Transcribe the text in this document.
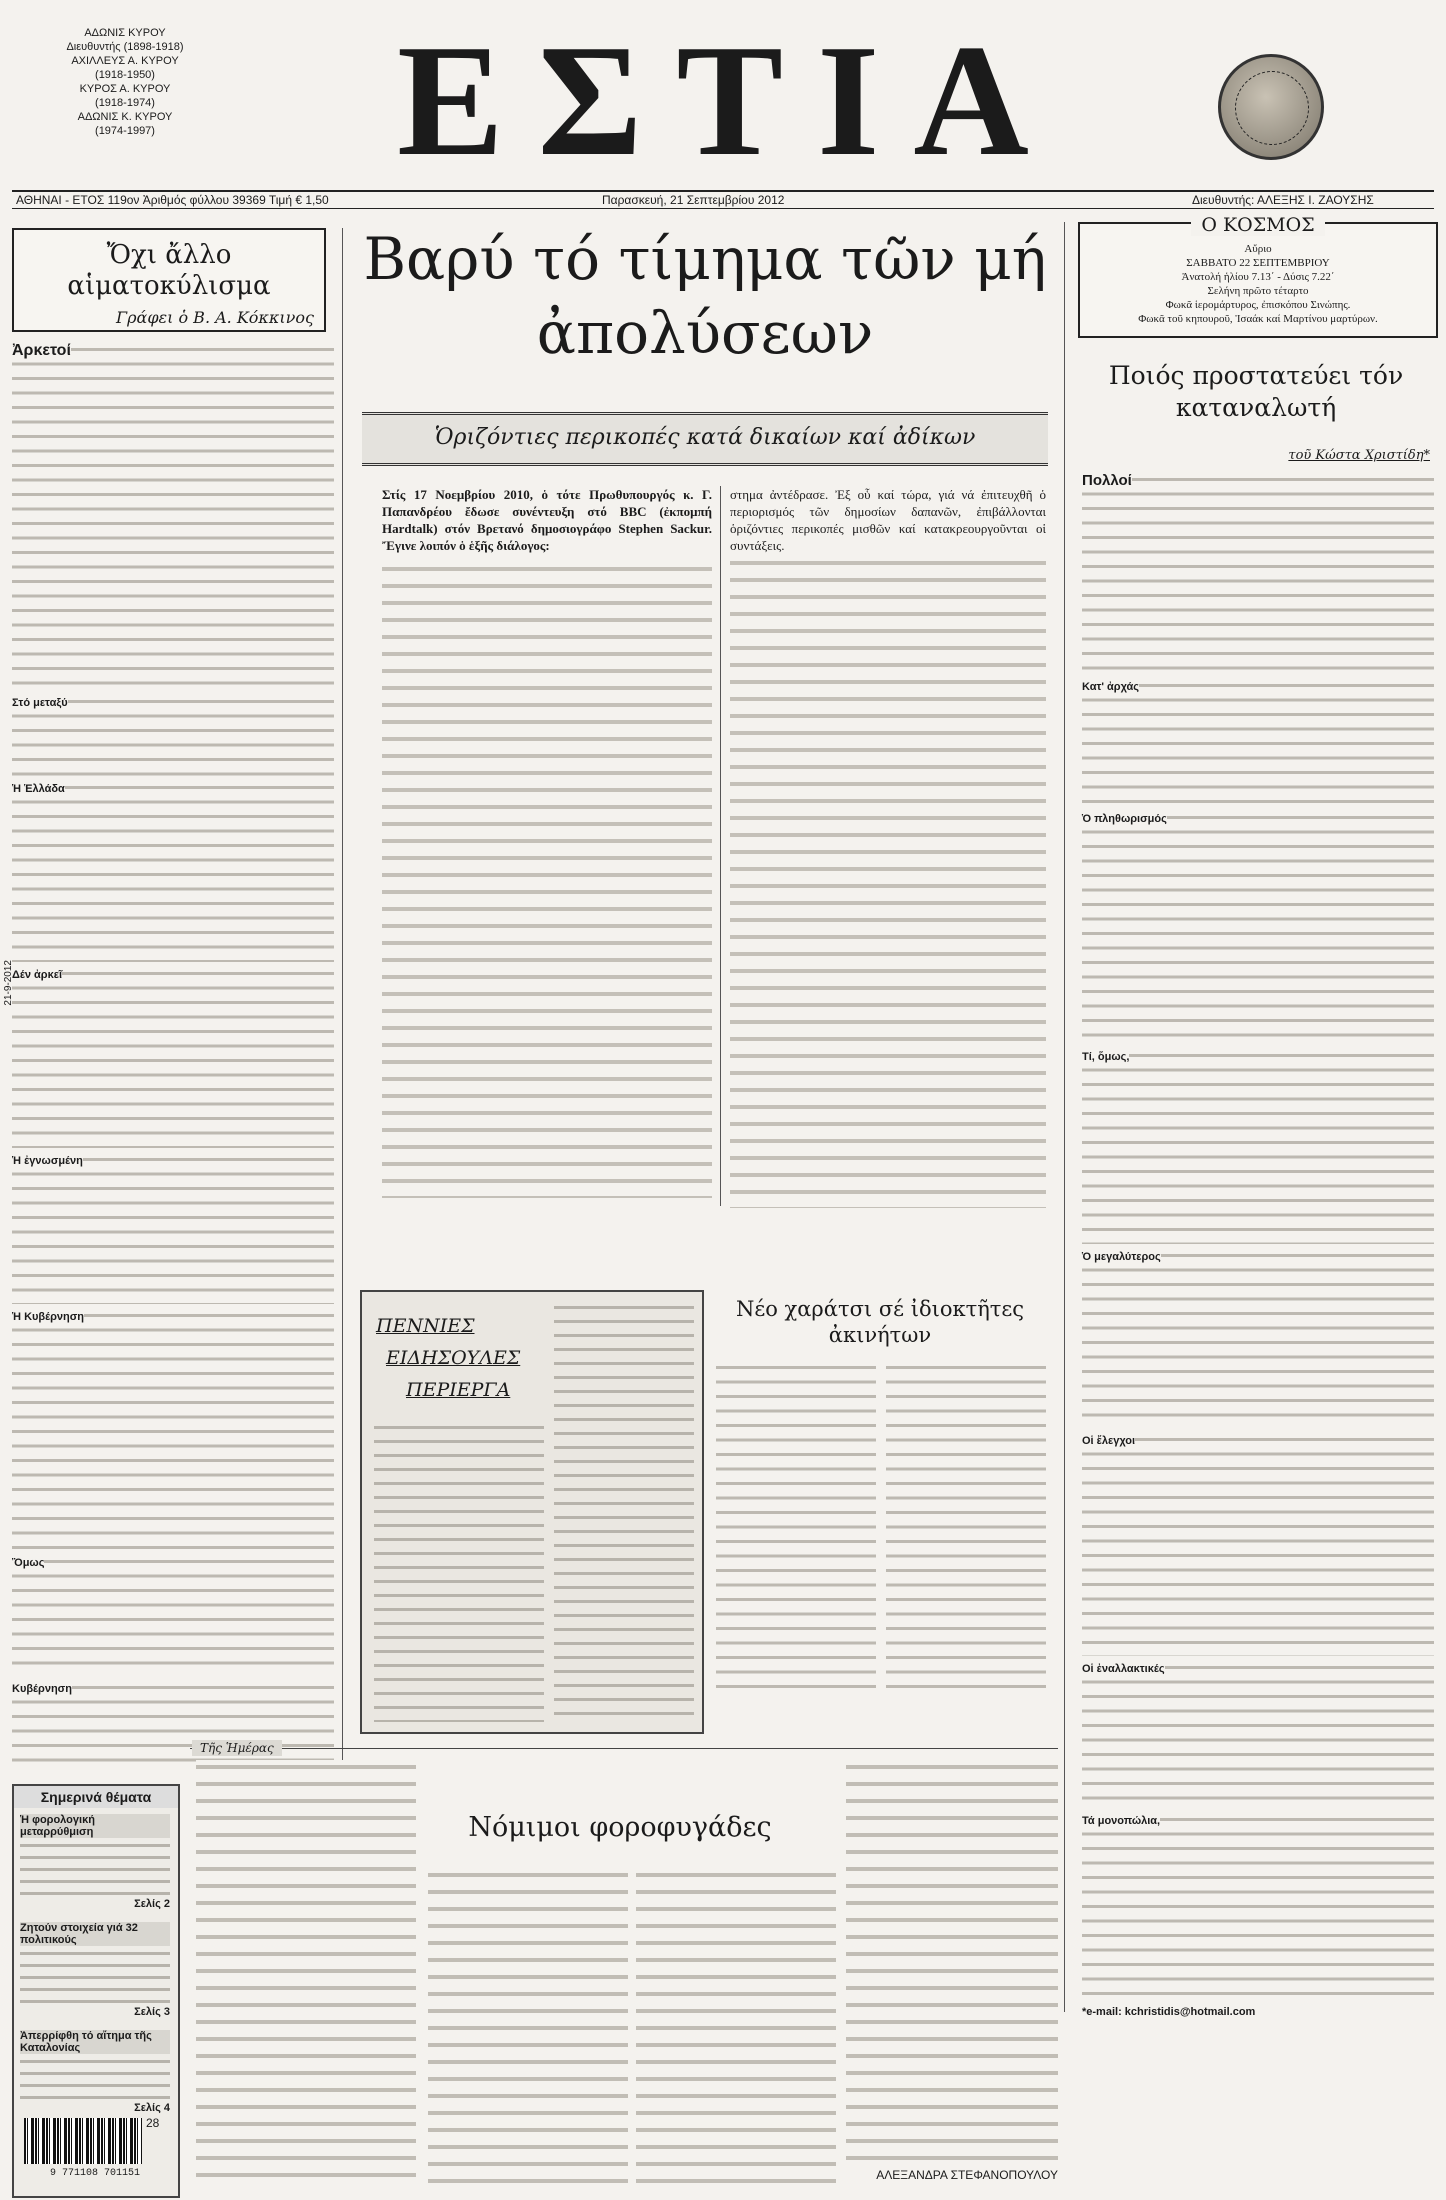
ΑΔΩΝΙΣ ΚΥΡΟΥ
Διευθυντής (1898-1918)
ΑΧΙΛΛΕΥΣ Α. ΚΥΡΟΥ
(1918-1950)
ΚΥΡΟΣ Α. ΚΥΡΟΥ
(1918-1974)
ΑΔΩΝΙΣ Κ. ΚΥΡΟΥ
(1974-1997)	ΕΣΤΙΑ
ΑΘΗΝΑΙ - ΕΤΟΣ 119ον Ἀριθμός φύλλου 39369 Τιμή € 1,50	Παρασκευή, 21 Σεπτεμβρίου 2012	Διευθυντής: ΑΛΕΞΗΣ Ι. ΖΑΟΥΣΗΣ
Ὄχι ἄλλο αἱματοκύλισμα
Γράφει ὁ Β. Α. Κόκκινος
Ἀρκετοί
Στό μεταξύ
Ἡ Ἑλλάδα
Δέν ἀρκεῖ
Ἡ ἐγνωσμένη
Ἡ Κυβέρνηση
Ὅμως
Κυβέρνηση
21-9-2012
Βαρύ τό τίμημα τῶν μή ἀπολύσεων
Ὁριζόντιες περικοπές κατά δικαίων καί ἀδίκων
Στίς 17 Νοεμβρίου 2010, ὁ τότε Πρωθυπουργός κ. Γ. Παπανδρέου ἔδωσε συνέντευξη στό BBC (ἐκπομπή Hardtalk) στόν Βρετανό δημοσιογράφο Stephen Sackur. Ἔγινε λοιπόν ὁ ἑξῆς διάλογος:
στημα ἀντέδρασε. Ἐξ οὗ καί τώρα, γιά νά ἐπιτευχθῆ ὁ περιορισμός τῶν δημοσίων δαπανῶν, ἐπιβάλλονται ὁριζόντιες περικοπές μισθῶν καί κατακρεουργοῦνται οἱ συντάξεις.
Ο ΚΟΣΜΟΣ
Αὔριο
ΣΑΒΒΑΤΟ 22 ΣΕΠΤΕΜΒΡΙΟΥ
Ἀνατολή ἡλίου 7.13΄ - Δύσις 7.22΄
Σελήνη πρῶτο τέταρτο
Φωκᾶ ἱερομάρτυρος, ἐπισκόπου Σινώπης.
Φωκᾶ τοῦ κηπουροῦ, Ἰσαάκ καί Μαρτίνου μαρτύρων.
Ποιός προστατεύει τόν καταναλωτή
τοῦ Κώστα Χριστίδη*
Πολλοί
Κατ' ἀρχάς
Ὁ πληθωρισμός
Τί, ὅμως,
Ὁ μεγαλύτερος
Οἱ ἔλεγχοι
Οἱ ἐναλλακτικές
Τά μονοπώλια,
*e-mail: kchristidis@hotmail.com
ΠΕΝΝΙΕΣ
ΕΙΔΗΣΟΥΛΕΣ
ΠΕΡΙΕΡΓΑ
Νέο χαράτσι σέ ἰδιοκτῆτες ἀκινήτων
Σημερινά θέματα
Ἡ φορολογική μεταρρύθμιση
Σελίς 2
Ζητούν στοιχεία γιά 32 πολιτικούς
Σελίς 3
Ἀπερρίφθη τό αἴτημα τῆς Καταλονίας
Σελίς 4
28
9 771108 701151
Τῆς Ἡμέρας
Νόμιμοι φοροφυγάδες
ΑΛΕΞΑΝΔΡΑ ΣΤΕΦΑΝΟΠΟΥΛΟΥ
